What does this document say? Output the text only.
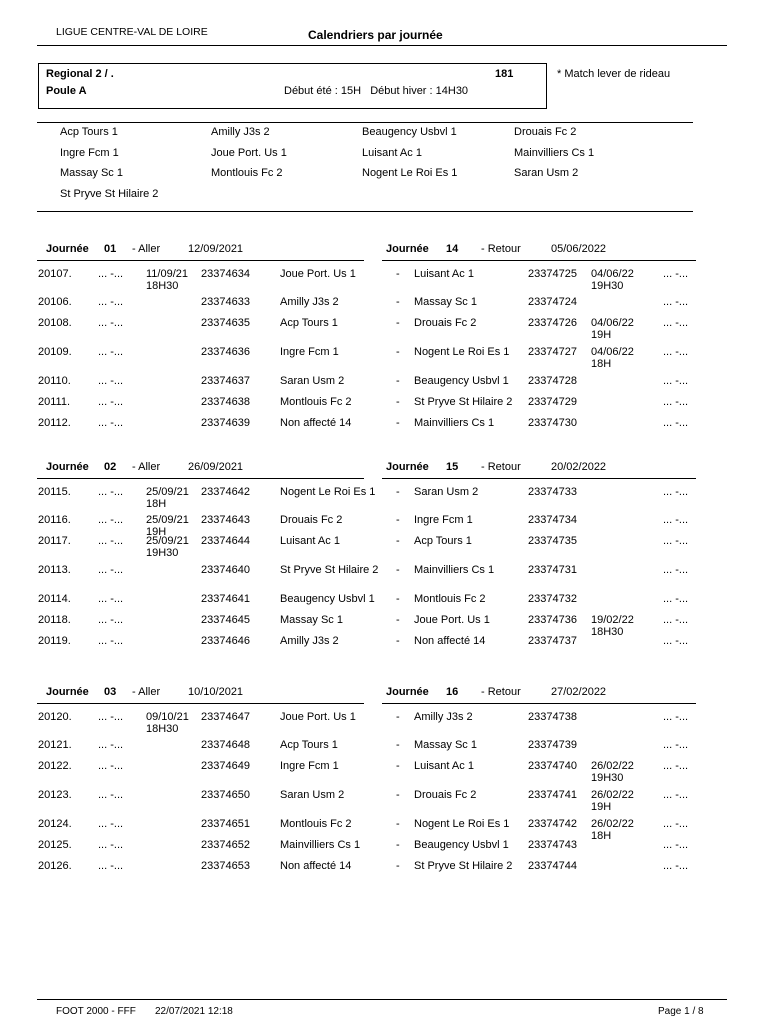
LIGUE CENTRE-VAL DE LOIRE	Calendriers par journée
Regional 2 / .	181
Poule A	Début été : 15H   Début hiver : 14H30
* Match lever de rideau
Acp Tours 1	Amilly J3s 2	Beaugency Usbvl 1	Drouais Fc 2
Ingre Fcm 1	Joue Port. Us 1	Luisant Ac 1	Mainvilliers Cs 1
Massay Sc 1	Montlouis Fc 2	Nogent Le Roi Es 1	Saran Usm 2
St Pryve St Hilaire 2
Journée 01 - Aller	12/09/2021	Journée 14 - Retour	05/06/2022
20107. ... -... 11/09/21 23374634	Joue Port. Us 1	- Luisant Ac 1	23374725 04/06/22	... -...
18H30	19H30
20106. ... -...	23374633	Amilly J3s 2	- Massay Sc 1	23374724	... -...
20108. ... -...	23374635	Acp Tours 1	- Drouais Fc 2	23374726 04/06/22	... -...
19H
20109. ... -...	23374636	Ingre Fcm 1	- Nogent Le Roi Es 1 23374727 04/06/22	... -...
18H
20110. ... -...	23374637	Saran Usm 2	- Beaugency Usbvl 1 23374728	... -...
20111.	... -...	23374638	Montlouis Fc 2	- St Pryve St Hilaire 2 23374729	... -...
20112. ... -...	23374639	Non affecté 14	- Mainvilliers Cs 1	23374730	... -...
Journée 02 - Aller	26/09/2021	Journée 15 - Retour	20/02/2022
20115. ... -... 25/09/21 23374642	Nogent Le Roi Es 1 - Saran Usm 2	23374733	... -...
18H
20116. ... -... 25/09/21 23374643	Drouais Fc 2	- Ingre Fcm 1	23374734	... -...
19H
20117. ... -... 25/09/21 23374644	Luisant Ac 1	- Acp Tours 1	23374735	... -...
19H30
20113. ... -...	23374640	St Pryve St Hilaire 2 - Mainvilliers Cs 1	23374731	... -...
20114. ... -...	23374641	Beaugency Usbvl 1 - Montlouis Fc 2	23374732	... -...
20118. ... -...	23374645	Massay Sc 1	- Joue Port. Us 1	23374736 19/02/22	... -...
18H30
20119. ... -...	23374646	Amilly J3s 2	- Non affecté 14	23374737	... -...
Journée 03 - Aller	10/10/2021	Journée 16 - Retour	27/02/2022
20120. ... -... 09/10/21 23374647	Joue Port. Us 1	- Amilly J3s 2	23374738	... -...
18H30
20121. ... -...	23374648	Acp Tours 1	- Massay Sc 1	23374739	... -...
20122. ... -...	23374649	Ingre Fcm 1	- Luisant Ac 1	23374740 26/02/22	... -...
19H30
20123. ... -...	23374650	Saran Usm 2	- Drouais Fc 2	23374741 26/02/22	... -...
19H
20124. ... -...	23374651	Montlouis Fc 2	- Nogent Le Roi Es 1 23374742 26/02/22	... -...
18H
20125. ... -...	23374652	Mainvilliers Cs 1	- Beaugency Usbvl 1 23374743	... -...
20126. ... -...	23374653	Non affecté 14	- St Pryve St Hilaire 2 23374744	... -...
FOOT 2000 - FFF 22/07/2021 12:18	Page 1 / 8
